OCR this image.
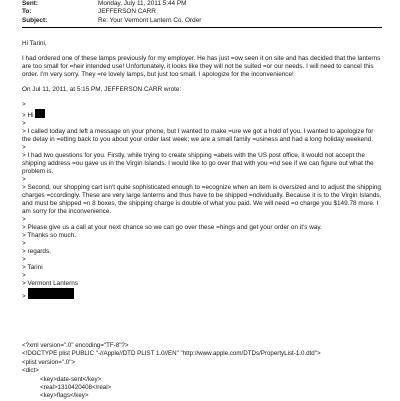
Sent:	Monday, July 11, 2011 5:44 PM
To:	JEFFERSON CARR
Subject:	Re: Your Vermont Lantern Co. Order

Hi Tarini,

I had ordered one of these lamps previously for my employer. He has just =ow seen it on site and has decided that the lanterns are too small for =heir intended use! Unfortunately, it looks like they will not be suited =or our needs. I will need to cancel this order. I'm very sorry. They =re lovely lamps, but just too small. I apologize for the inconvenience!

On Jul 11, 2011, at 5:15 PM, JEFFERSON CARR wrote:

>

> Hi

>

> I called today and left a message on your phone, but I wanted to make =ure we got a hold of you. I wanted to apologize for the delay in =etting back to you about your order last week; we are a small family =usiness and had a long holiday weekend.

>

> I had two questions for you. Firstly, while trying to create shipping =abels with the US post office, it would not accept the shipping address =ou gave us in the Virgin Islands. I would like to go over that with you =nd see if we can figure out what the problem is.

>

> Second, our shopping cart isn't quite sophisticated enough to =ecognize when an item is oversized and to adjust the shipping charges =ccordingly. These are very large lanterns and thus have to be shipped =ndividually. Because it is to the Virgin Islands, and must be shipped =n 8 boxes, the shipping charge is double of what you paid. We will need =o charge you $149.78 more. I am sorry for the inconvenience.

>

> Please give us a call at your next chance so we can go over these =hings and get your order on it's way.

> Thanks so much.

>

> regards,

>

> Tarini

>

> Vermont Lanterns

>

<?xml version=".0" encoding="TF-8"?>
<!DOCTYPE plist PUBLIC "-//Apple//DTD PLIST 1.0//EN" "http://www.apple.com/DTDs/PropertyList-1.0.dtd">
<plist version=".0">
<dict>
<key>date-sent</key>
<real>1310420408</real>
<key>flags</key>
